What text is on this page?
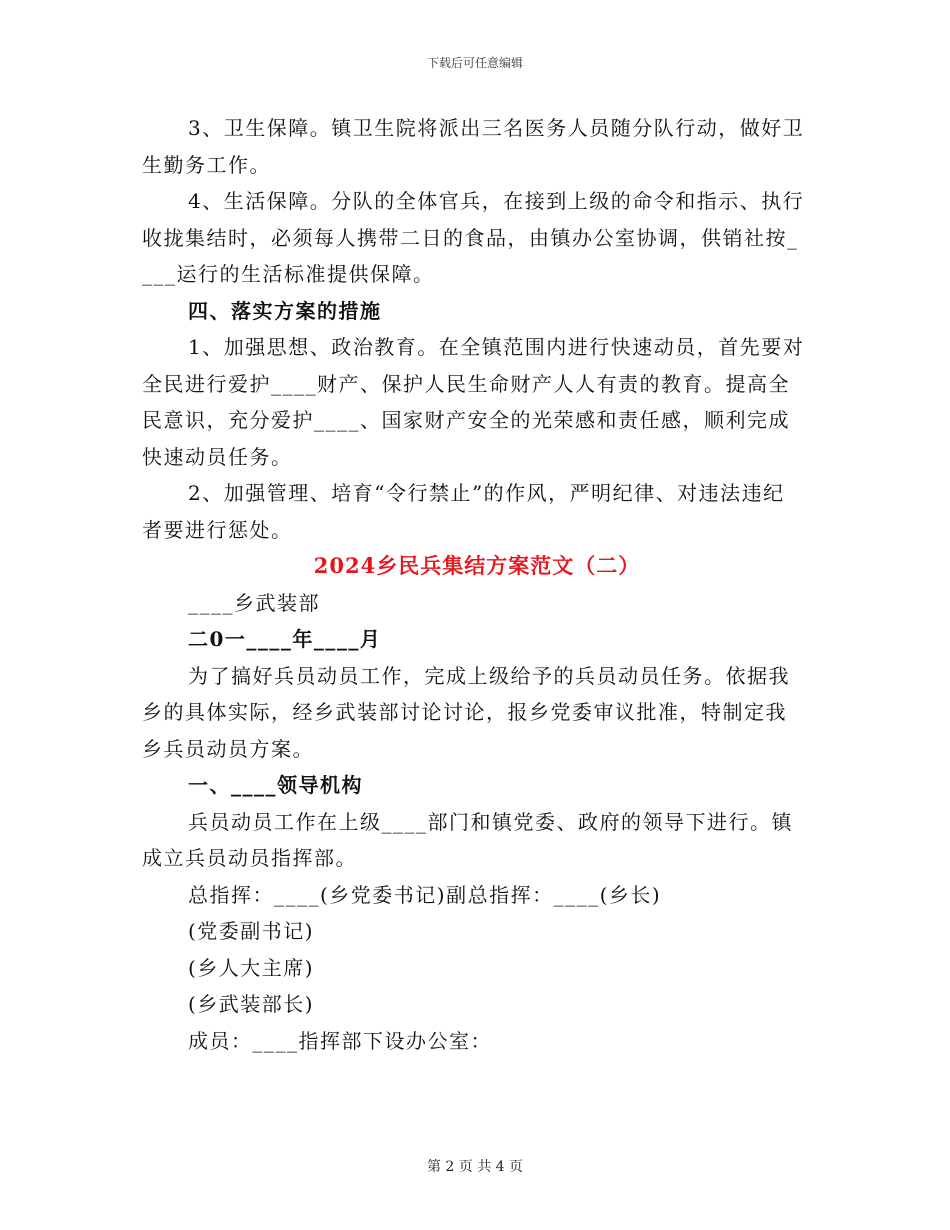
下载后可任意编辑
3、卫生保障。镇卫生院将派出三名医务人员随分队行动，做好卫
生勤务工作。
4、生活保障。分队的全体官兵，在接到上级的命令和指示、执行
收拢集结时，必须每人携带二日的食品，由镇办公室协调，供销社按_
___运行的生活标准提供保障。
四、落实方案的措施
1、加强思想、政治教育。在全镇范围内进行快速动员，首先要对
全民进行爱护____财产、保护人民生命财产人人有责的教育。提高全
民意识，充分爱护____、国家财产安全的光荣感和责任感，顺利完成
快速动员任务。
2、加强管理、培育“令行禁止”的作风，严明纪律、对违法违纪
者要进行惩处。
2024乡民兵集结方案范文（二）
____乡武装部
二0一____年____月
为了搞好兵员动员工作，完成上级给予的兵员动员任务。依据我
乡的具体实际，经乡武装部讨论讨论，报乡党委审议批准，特制定我
乡兵员动员方案。
一、____领导机构
兵员动员工作在上级____部门和镇党委、政府的领导下进行。镇
成立兵员动员指挥部。
总指挥：____(乡党委书记)副总指挥：____(乡长)
(党委副书记)
(乡人大主席)
(乡武装部长)
成员：____指挥部下设办公室：
第 2 页 共 4 页
